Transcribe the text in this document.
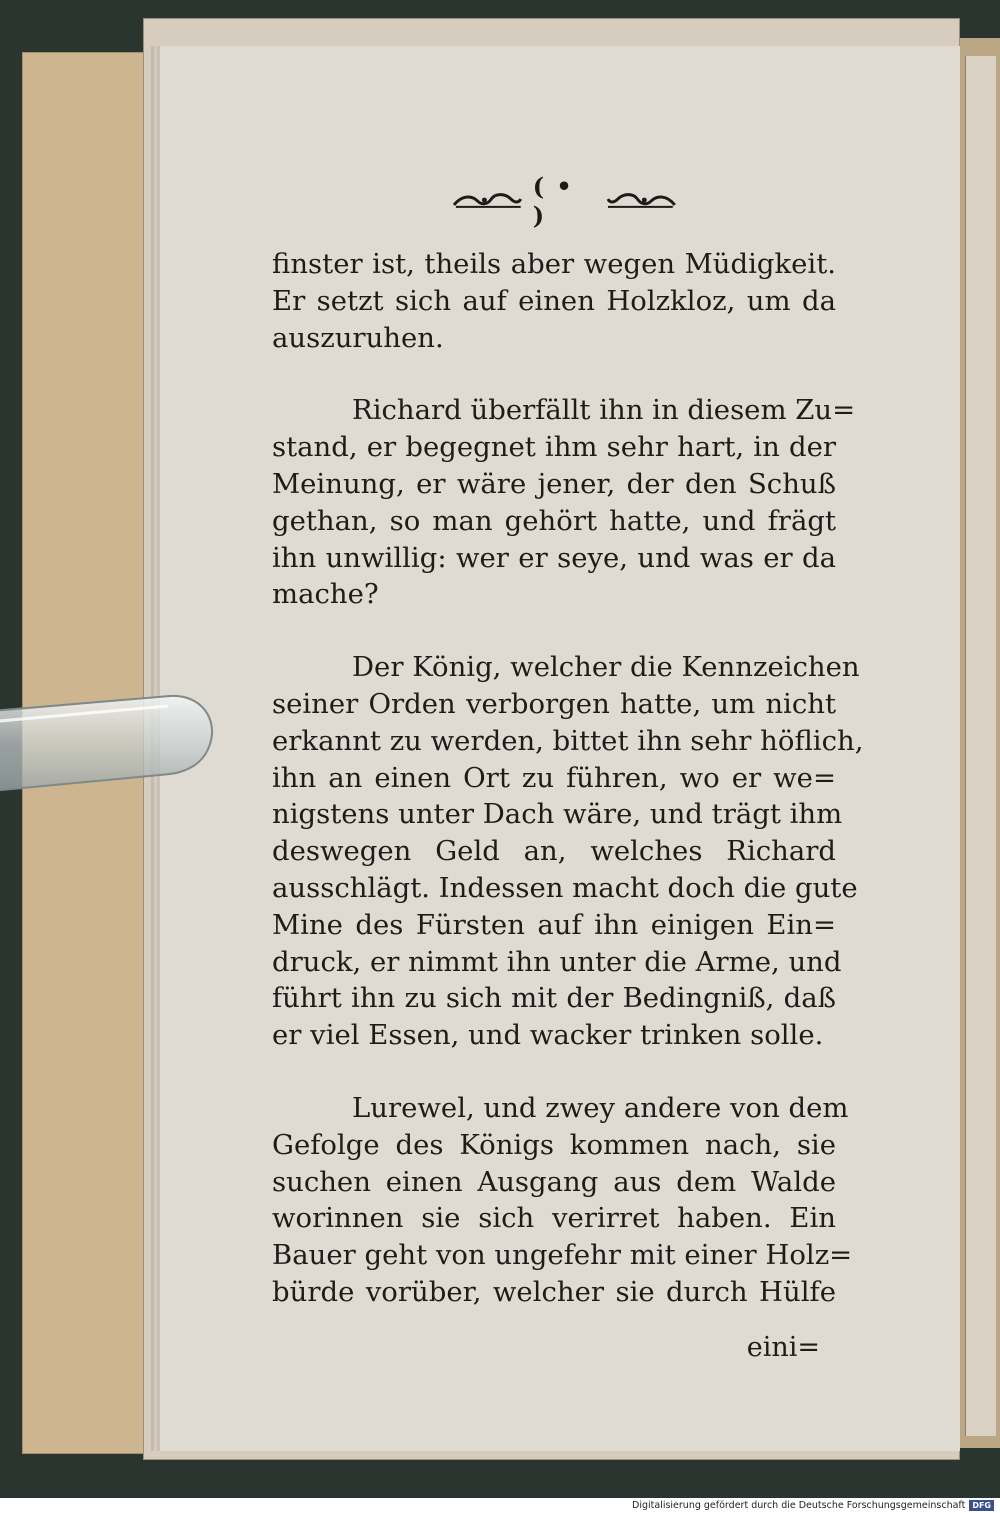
( • )

finster ist, theils aber wegen Müdigkeit.
Er setzt sich auf einen Holzkloz, um da
auszuruhen.

Richard überfällt ihn in diesem Zu=
stand, er begegnet ihm sehr hart, in der
Meinung, er wäre jener, der den Schuß
gethan, so man gehört hatte, und frägt
ihn unwillig: wer er seye, und was er da
mache?

Der König, welcher die Kennzeichen
seiner Orden verborgen hatte, um nicht
erkannt zu werden, bittet ihn sehr höflich,
ihn an einen Ort zu führen, wo er we=
nigstens unter Dach wäre, und trägt ihm
deswegen Geld an, welches Richard
ausschlägt. Indessen macht doch die gute
Mine des Fürsten auf ihn einigen Ein=
druck, er nimmt ihn unter die Arme, und
führt ihn zu sich mit der Bedingniß, daß
er viel Essen, und wacker trinken solle.

Lurewel, und zwey andere von dem
Gefolge des Königs kommen nach, sie
suchen einen Ausgang aus dem Walde
worinnen sie sich verirret haben. Ein
Bauer geht von ungefehr mit einer Holz=
bürde vorüber, welcher sie durch Hülfe

eini=
Digitalisierung gefördert durch die Deutsche Forschungsgemeinschaft DFG
